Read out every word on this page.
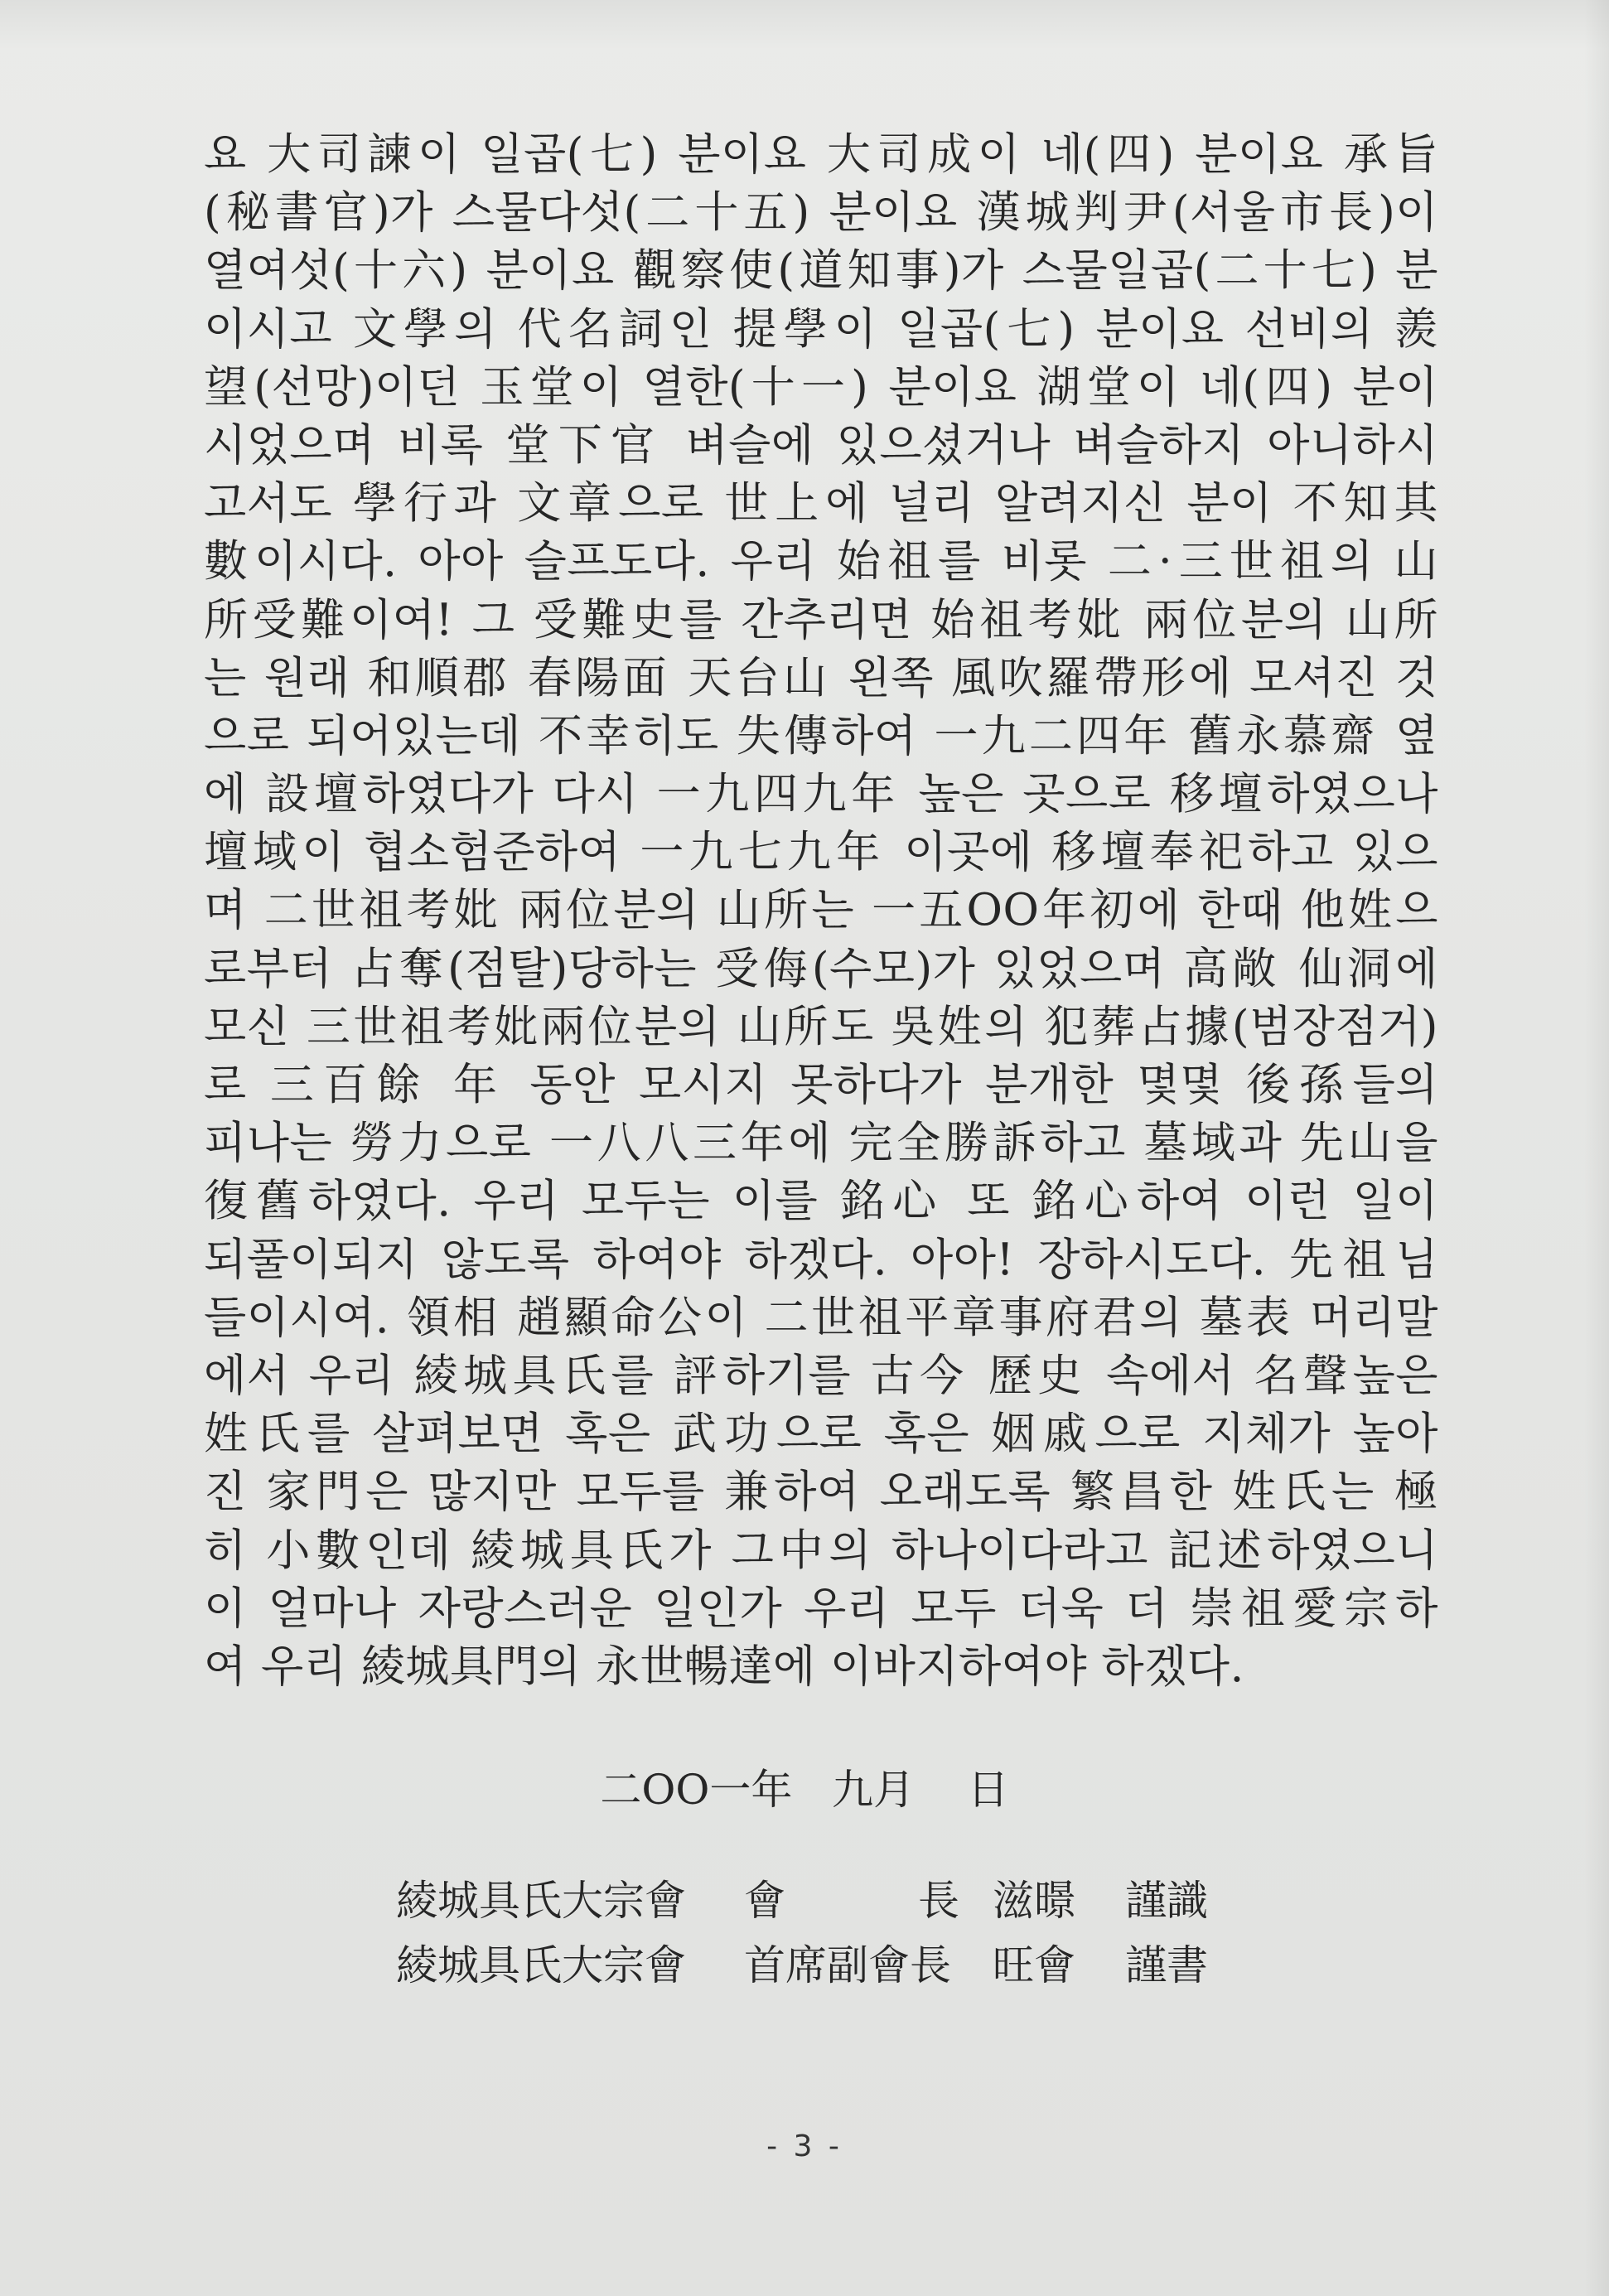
요 大司諫이 일곱(七) 분이요 大司成이 네(四) 분이요 承旨
(秘書官)가 스물다섯(二十五) 분이요 漢城判尹(서울市長)이
열여섯(十六) 분이요 觀察使(道知事)가 스물일곱(二十七) 분
이시고 文學의 代名詞인 提學이 일곱(七) 분이요 선비의 羨
望(선망)이던 玉堂이 열한(十一) 분이요 湖堂이 네(四) 분이
시었으며 비록 堂下官 벼슬에 있으셨거나 벼슬하지 아니하시
고서도 學行과 文章으로 世上에 널리 알려지신 분이 不知其
數이시다. 아아 슬프도다. 우리 始祖를 비롯 二·三世祖의 山
所受難이여! 그 受難史를 간추리면 始祖考妣 兩位분의 山所
는 원래 和順郡 春陽面 天台山 왼쪽 風吹羅帶形에 모셔진 것
으로 되어있는데 不幸히도 失傳하여 一九二四年 舊永慕齋 옆
에 設壇하였다가 다시 一九四九年 높은 곳으로 移壇하였으나
壇域이 협소험준하여 一九七九年 이곳에 移壇奉祀하고 있으
며 二世祖考妣 兩位분의 山所는 一五OO年初에 한때 他姓으
로부터 占奪(점탈)당하는 受侮(수모)가 있었으며 高敞 仙洞에
모신 三世祖考妣兩位분의 山所도 吳姓의 犯葬占據(범장점거)
로 三百餘 年 동안 모시지 못하다가 분개한 몇몇 後孫들의
피나는 勞力으로 一八八三年에 完全勝訴하고 墓域과 先山을
復舊하였다. 우리 모두는 이를 銘心 또 銘心하여 이런 일이
되풀이되지 않도록 하여야 하겠다. 아아! 장하시도다. 先祖님
들이시여. 領相 趙顯命公이 二世祖平章事府君의 墓表 머리말
에서 우리 綾城具氏를 評하기를 古今 歷史 속에서 名聲높은
姓氏를 살펴보면 혹은 武功으로 혹은 姻戚으로 지체가 높아
진 家門은 많지만 모두를 兼하여 오래도록 繁昌한 姓氏는 極
히 小數인데 綾城具氏가 그中의 하나이다라고 記述하였으니
이 얼마나 자랑스러운 일인가 우리 모두 더욱 더 崇祖愛宗하
여 우리 綾城具門의 永世暢達에 이바지하여야 하겠다.
二OO一年   九月    日
綾城具氏大宗會	會	長 滋暻	謹識
綾城具氏大宗會	首席副會長	旺會	謹書
- 3 -
